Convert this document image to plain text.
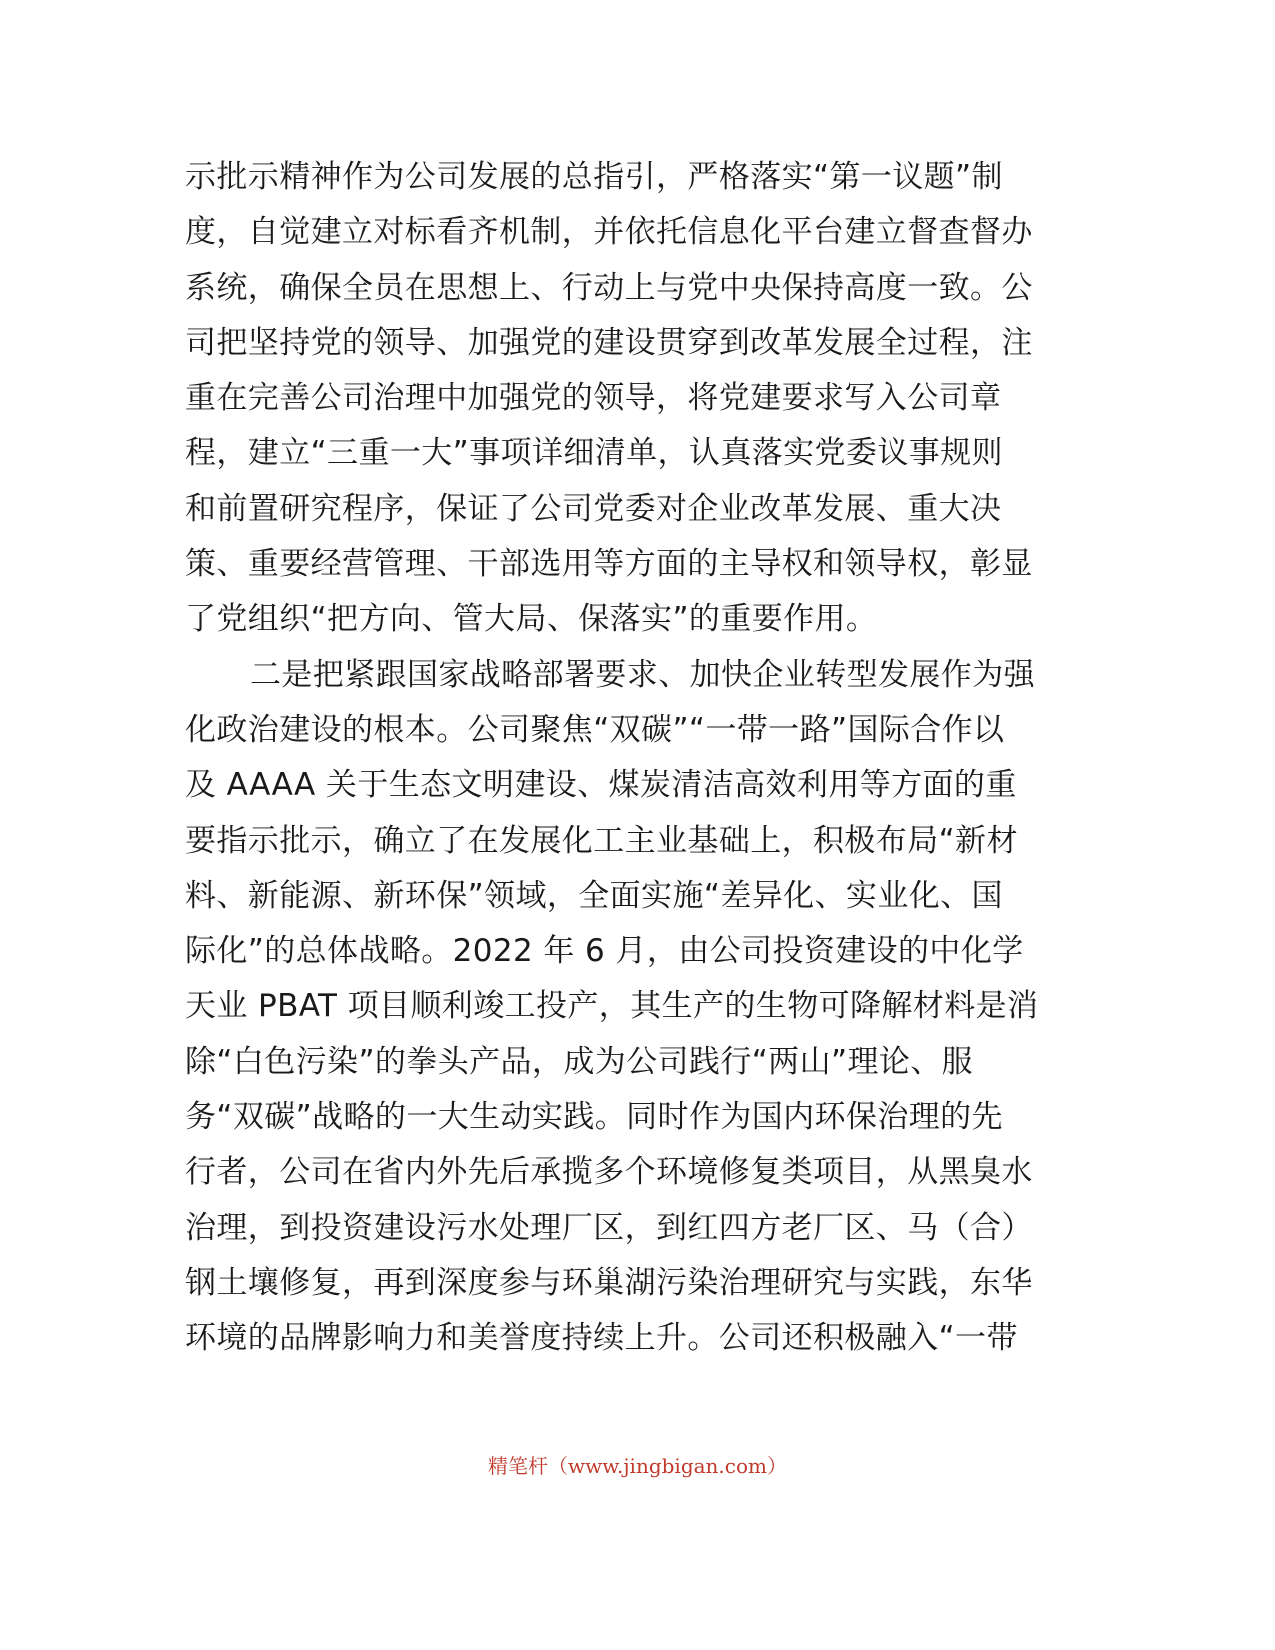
示批示精神作为公司发展的总指引，严格落实“第一议题”制
度，自觉建立对标看齐机制，并依托信息化平台建立督查督办
系统，确保全员在思想上、行动上与党中央保持高度一致。公
司把坚持党的领导、加强党的建设贯穿到改革发展全过程，注
重在完善公司治理中加强党的领导，将党建要求写入公司章
程，建立“三重一大”事项详细清单，认真落实党委议事规则
和前置研究程序，保证了公司党委对企业改革发展、重大决
策、重要经营管理、干部选用等方面的主导权和领导权，彰显
了党组织“把方向、管大局、保落实”的重要作用。
二是把紧跟国家战略部署要求、加快企业转型发展作为强
化政治建设的根本。公司聚焦“双碳”“一带一路”国际合作以
及 AAAA 关于生态文明建设、煤炭清洁高效利用等方面的重
要指示批示，确立了在发展化工主业基础上，积极布局“新材
料、新能源、新环保”领域，全面实施“差异化、实业化、国
际化”的总体战略。2022 年 6 月，由公司投资建设的中化学
天业 PBAT 项目顺利竣工投产，其生产的生物可降解材料是消
除“白色污染”的拳头产品，成为公司践行“两山”理论、服
务“双碳”战略的一大生动实践。同时作为国内环保治理的先
行者，公司在省内外先后承揽多个环境修复类项目，从黑臭水
治理，到投资建设污水处理厂区，到红四方老厂区、马（合）
钢土壤修复，再到深度参与环巢湖污染治理研究与实践，东华
环境的品牌影响力和美誉度持续上升。公司还积极融入“一带
精笔杆（www.jingbigan.com）
